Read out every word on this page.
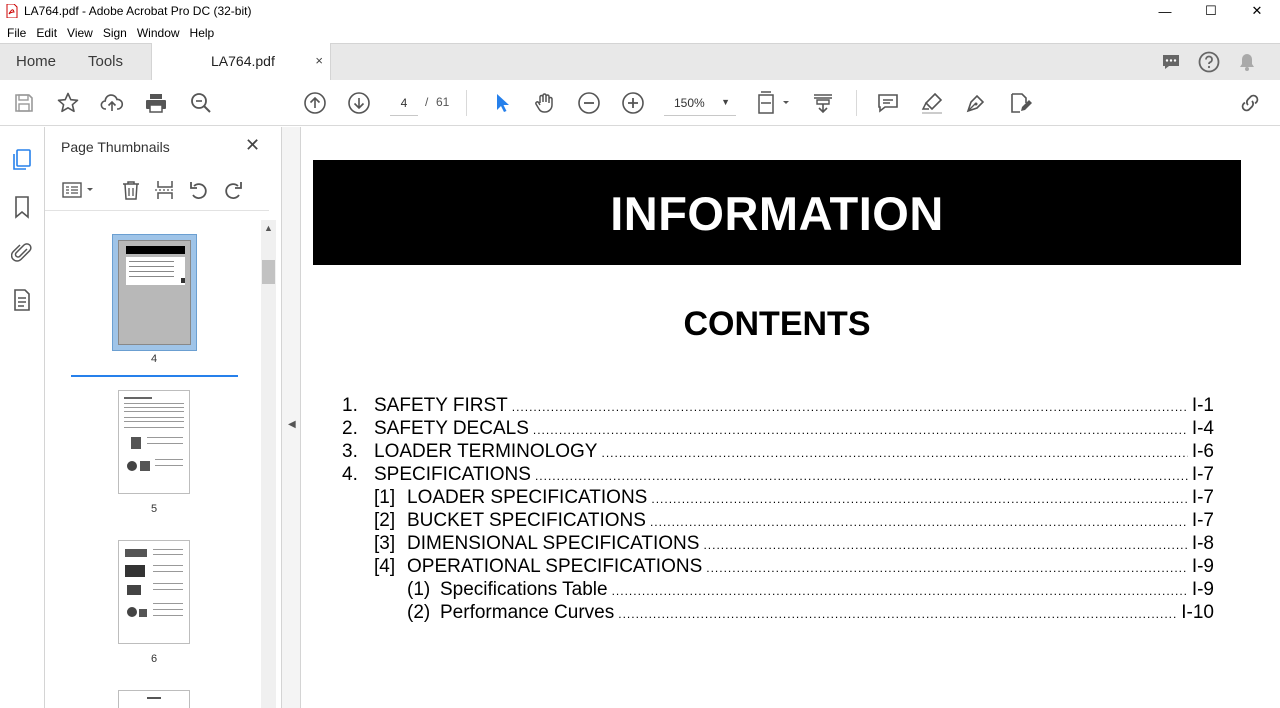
LA764.pdf - Adobe Acrobat Pro DC (32-bit)	—	☐	✕
File Edit View Sign Window Help
Home Tools	LA764.pdf	×
4	/ 61	150% ▼
Page Thumbnails	✕
4
5
6
▲
◀
INFORMATION
CONTENTS
1. SAFETY FIRST .....	I-1
2. SAFETY DECALS .....	I-4
3. LOADER TERMINOLOGY .....	I-6
4. SPECIFICATIONS .....	I-7
[1] LOADER SPECIFICATIONS .....	I-7
[2] BUCKET SPECIFICATIONS .....	I-7
[3] DIMENSIONAL SPECIFICATIONS .....	I-8
[4] OPERATIONAL SPECIFICATIONS .....	I-9
(1) Specifications Table .....	I-9
(2) Performance Curves .....	I-10
